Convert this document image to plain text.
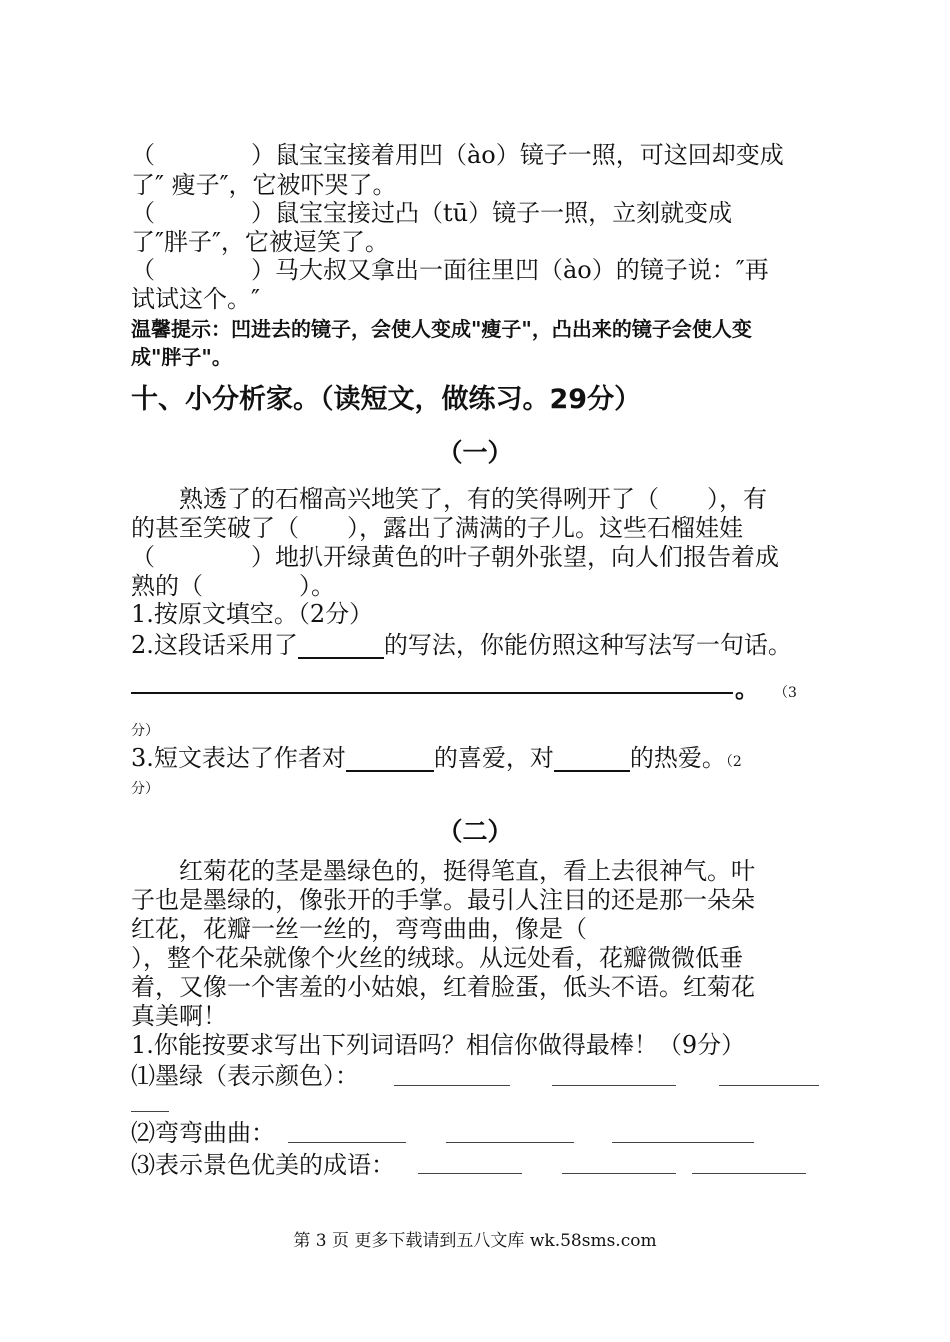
（　　　　）鼠宝宝接着用凹（ào）镜子一照，可这回却变成
了″ 瘦子″，它被吓哭了。
（　　　　）鼠宝宝接过凸（tū）镜子一照，立刻就变成
了″胖子″，它被逗笑了。
（　　　　）马大叔又拿出一面往里凹（ào）的镜子说：″再
试试这个。″
温馨提示：凹进去的镜子，会使人变成"瘦子"，凸出来的镜子会使人变
成"胖子"。
十、小分析家。（读短文，做练习。29分）
（一）
　　熟透了的石榴高兴地笑了，有的笑得咧开了（　　），有
的甚至笑破了（　　），露出了满满的子儿。这些石榴娃娃
（　　　　）地扒开绿黄色的叶子朝外张望，向人们报告着成
熟的（　　　　）。
1.按原文填空。（2分）
2.这段话采用了	的写法，你能仿照这种写法写一句话。
。 （3
分）
3.短文表达了作者对	的喜爱，对	的热爱。（2
分）
（二）
　　红菊花的茎是墨绿色的，挺得笔直，看上去很神气。叶
子也是墨绿的，像张开的手掌。最引人注目的还是那一朵朵
红花，花瓣一丝一丝的，弯弯曲曲，像是（
），整个花朵就像个火丝的绒球。从远处看，花瓣微微低垂
着，又像一个害羞的小姑娘，红着脸蛋，低头不语。红菊花
真美啊！
1.你能按要求写出下列词语吗？相信你做得最棒！（9分）
⑴墨绿（表示颜色）：
⑵弯弯曲曲：
⑶表示景色优美的成语：
第 3 页 更多下载请到五八文库 wk.58sms.com
